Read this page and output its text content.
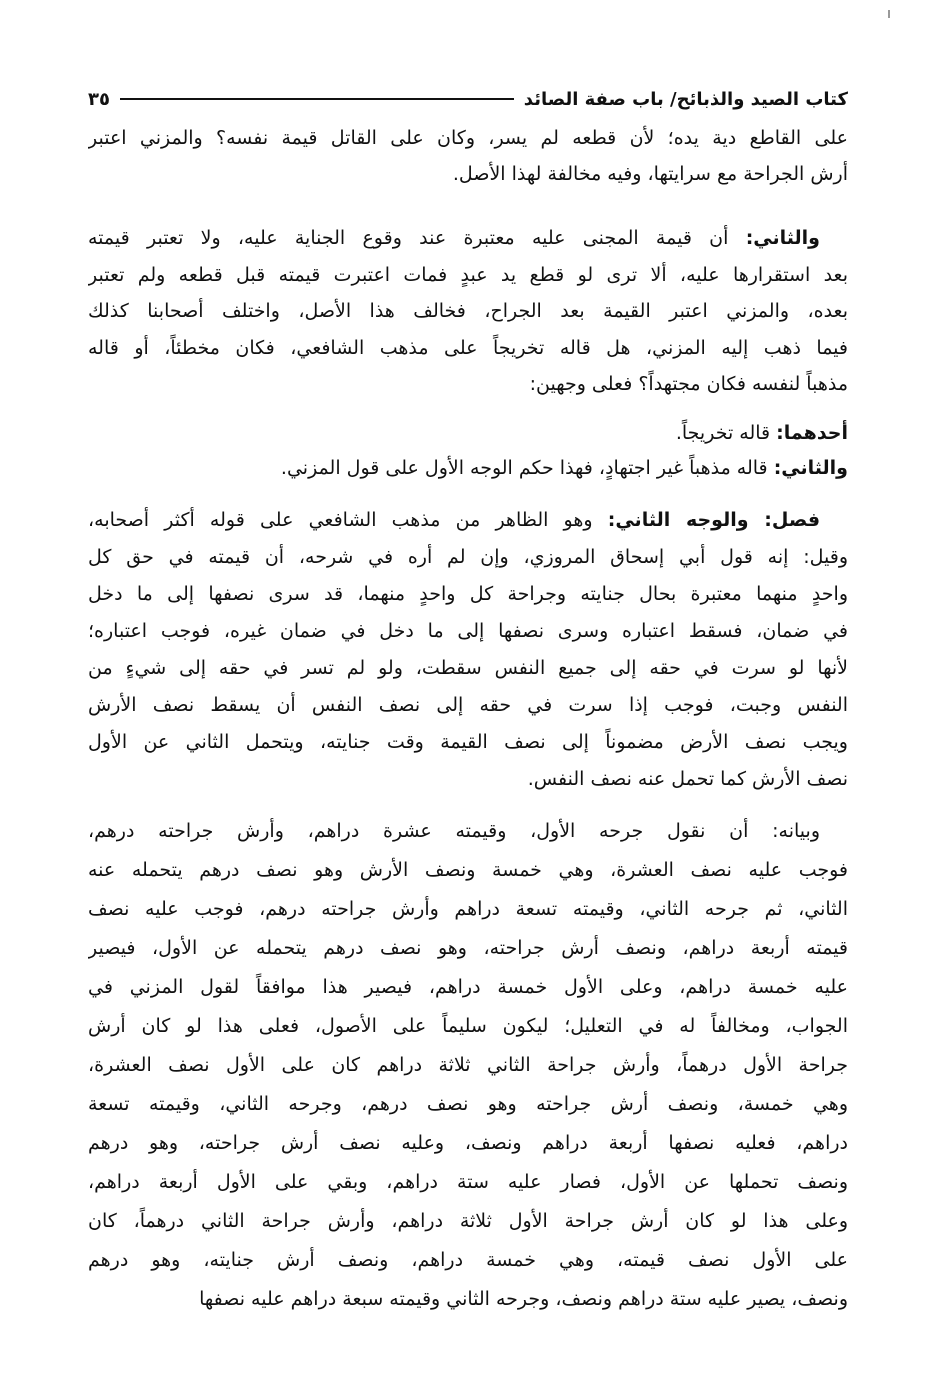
كتاب الصيد والذبائح/ باب صفة الصائد
٣٥
على القاطع دية يده؛ لأن قطعه لم يسر، وكان على القاتل قيمة نفسه؟ والمزني اعتبر
أرش الجراحة مع سرايتها، وفيه مخالفة لهذا الأصل.
والثاني: أن قيمة المجنى عليه معتبرة عند وقوع الجناية عليه، ولا تعتبر قيمته
بعد استقرارها عليه، ألا ترى لو قطع يد عبدٍ فمات اعتبرت قيمته قبل قطعه ولم تعتبر
بعده، والمزني اعتبر القيمة بعد الجراح، فخالف هذا الأصل، واختلف أصحابنا كذلك
فيما ذهب إليه المزني، هل قاله تخريجاً على مذهب الشافعي، فكان مخطئاً، أو قاله
مذهباً لنفسه فكان مجتهداً؟ فعلى وجهين:
أحدهما: قاله تخريجاً.
والثاني: قاله مذهباً غير اجتهادٍ، فهذا حكم الوجه الأول على قول المزني.
فصل: والوجه الثاني: وهو الظاهر من مذهب الشافعي على قوله أكثر أصحابه،
وقيل: إنه قول أبي إسحاق المروزي، وإن لم أره في شرحه، أن قيمته في حق كل
واحدٍ منهما معتبرة بحال جنايته وجراحة كل واحدٍ منهما، قد سرى نصفها إلى ما دخل
في ضمان، فسقط اعتباره وسرى نصفها إلى ما دخل في ضمان غيره، فوجب اعتباره؛
لأنها لو سرت في حقه إلى جميع النفس سقطت، ولو لم تسر في حقه إلى شيءٍ من
النفس وجبت، فوجب إذا سرت في حقه إلى نصف النفس أن يسقط نصف الأرش
ويجب نصف الأرض مضموناً إلى نصف القيمة وقت جنايته، ويتحمل الثاني عن الأول
نصف الأرش كما تحمل عنه نصف النفس.
وبيانه: أن نقول جرحه الأول، وقيمته عشرة دراهم، وأرش جراحته درهم،
فوجب عليه نصف العشرة، وهي خمسة ونصف الأرش وهو نصف درهم يتحمله عنه
الثاني، ثم جرحه الثاني، وقيمته تسعة دراهم وأرش جراحته درهم، فوجب عليه نصف
قيمته أربعة دراهم، ونصف أرش جراحته، وهو نصف درهم يتحمله عن الأول، فيصير
عليه خمسة دراهم، وعلى الأول خمسة دراهم، فيصير هذا موافقاً لقول المزني في
الجواب، ومخالفاً له في التعليل؛ ليكون سليماً على الأصول، فعلى هذا لو كان أرش
جراحة الأول درهماً، وأرش جراحة الثاني ثلاثة دراهم كان على الأول نصف العشرة،
وهي خمسة، ونصف أرش جراحته وهو نصف درهم، وجرحه الثاني، وقيمته تسعة
دراهم، فعليه نصفها أربعة دراهم ونصف، وعليه نصف أرش جراحته، وهو درهم
ونصف تحملها عن الأول، فصار عليه ستة دراهم، وبقي على الأول أربعة دراهم،
وعلى هذا لو كان أرش جراحة الأول ثلاثة دراهم، وأرش جراحة الثاني درهماً، كان
على الأول نصف قيمته، وهي خمسة دراهم، ونصف أرش جنايته، وهو درهم
ونصف، يصير عليه ستة دراهم ونصف، وجرحه الثاني وقيمته سبعة دراهم عليه نصفها
